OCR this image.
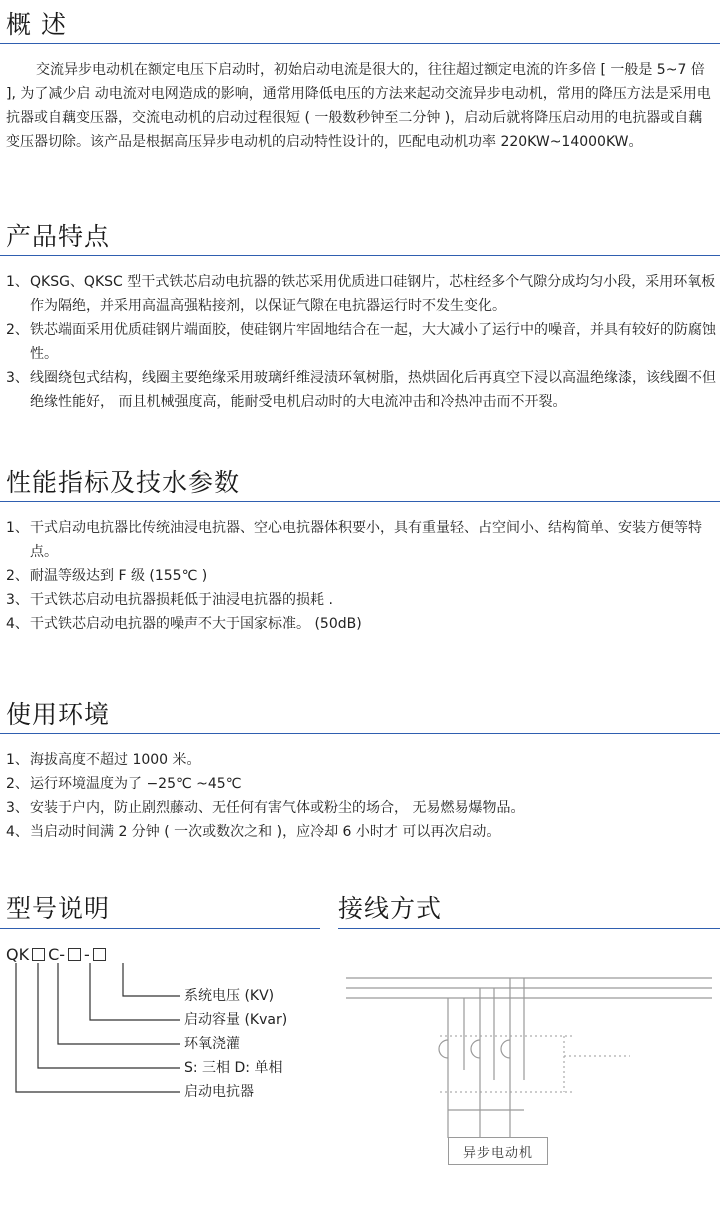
概 述

交流异步电动机在额定电压下启动时，初始启动电流是很大的，往往超过额定电流的许多倍 [ 一般是 5~7 倍 ], 为了减少启 动电流对电网造成的影响，通常用降低电压的方法来起动交流异步电动机，常用的降压方法是采用电抗器或自藕变压器，交流电动机的启动过程很短 ( 一般数秒钟至二分钟 )，启动后就将降压启动用的电抗器或自藕变压器切除。该产品是根据高压异步电动机的启动特性设计的，匹配电动机功率 220KW~14000KW。

产品特点
1、 QKSG、QKSC 型干式铁芯启动电抗器的铁芯采用优质进口硅钢片，芯柱经多个气隙分成均匀小段，采用环氧板作为隔绝，并采用高温高强粘接剂，以保证气隙在电抗器运行时不发生变化。
2、 铁芯端面采用优质硅钢片端面胶，使硅钢片牢固地结合在一起，大大减小了运行中的噪音，并具有较好的防腐蚀性。
3、 线圈绕包式结构，线圈主要绝缘采用玻璃纤维浸渍环氧树脂，热烘固化后再真空下浸以高温绝缘漆，该线圈不但绝缘性能好， 而且机械强度高，能耐受电机启动时的大电流冲击和冷热冲击而不开裂。
性能指标及技水参数
1、 干式启动电抗器比传统油浸电抗器、空心电抗器体积要小，具有重量轻、占空间小、结构简单、安装方便等特点。
2、 耐温等级达到 F 级 (155℃ )
3、 干式铁芯启动电抗器损耗低于油浸电抗器的损耗 .
4、 干式铁芯启动电抗器的噪声不大于国家标准。 (50dB)
使用环境
1、 海拔高度不超过 1000 米。
2、 运行环境温度为了 −25℃ ~45℃
3、 安装于户内，防止剧烈藤动、无任何有害气体或粉尘的场合， 无易燃易爆物品。
4、 当启动时间满 2 分钟 ( 一次或数次之和 )，应冷却 6 小时才 可以再次启动。
型号说明
QK C- -
系统电压 (KV)
启动容量 (Kvar)
环氧浇灌
S: 三相 D: 单相
启动电抗器
接线方式
异步电动机
